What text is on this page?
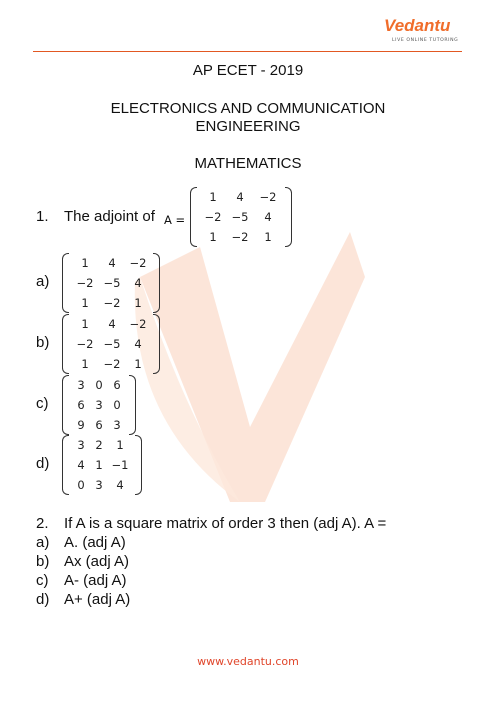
Vedantu
LIVE ONLINE TUTORING
AP ECET - 2019
ELECTRONICS AND COMMUNICATION
ENGINEERING
MATHEMATICS
1. The adjoint of A =
1	4	−2
−2 −5	4
1	−2	1
a)
1	4	−2
−2 −5	4
1	−2	1
b)
1	4	−2
−2 −5	4
1	−2	1
c)
3 0 6
6 3 0
9 6 3
d)
3 2	1
4 1 −1
0 3	4
2. If A is a square matrix of order 3 then (adj A). A =
a) A. (adj A)
b) Ax (adj A)
c) A- (adj A)
d) A+ (adj A)
www.vedantu.com
